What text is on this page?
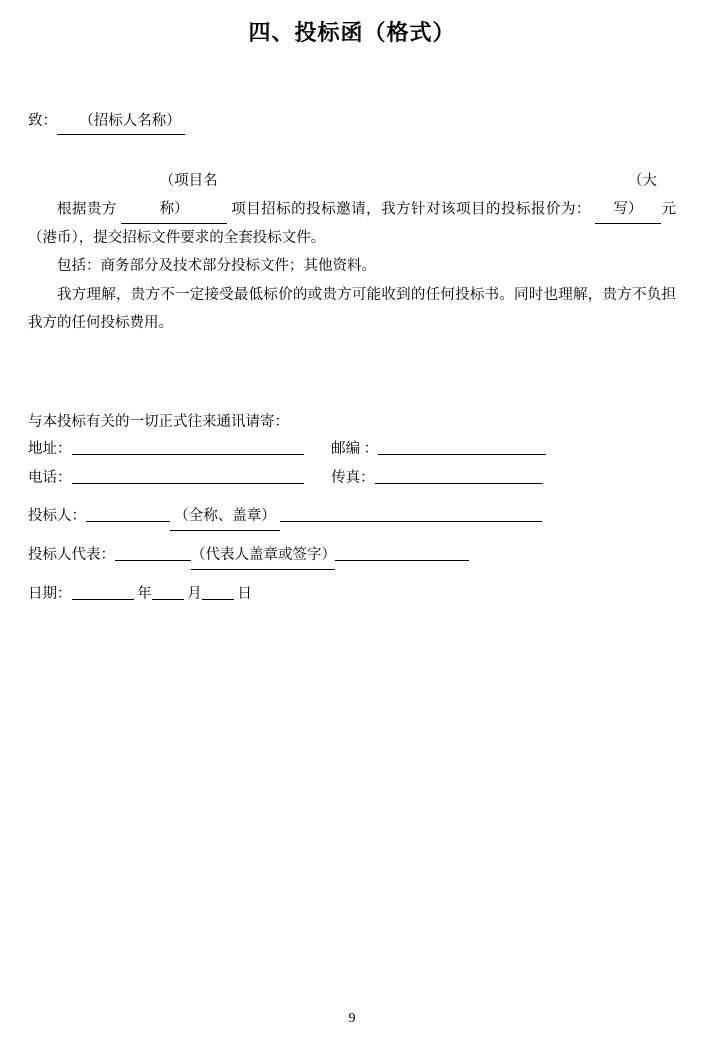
四、投标函（格式）
致： （招标人名称）

根据贵方 （项目名称）	项目招标的投标邀请，我方针对该项目的投标报价为： （大写） 元（港币），提交招标文件要求的全套投标文件。

包括：商务部分及技术部分投标文件；其他资料。

我方理解，贵方不一定接受最低标价的或贵方可能收到的任何投标书。同时也理解，贵方不负担我方的任何投标费用。

与本投标有关的一切正式往来通讯请寄：
地址：	邮编 ：
电话：	传真：
投标人：	（全称、盖章）
投标人代表：	（代表人盖章或签字）
日期：	年 月 日
9
